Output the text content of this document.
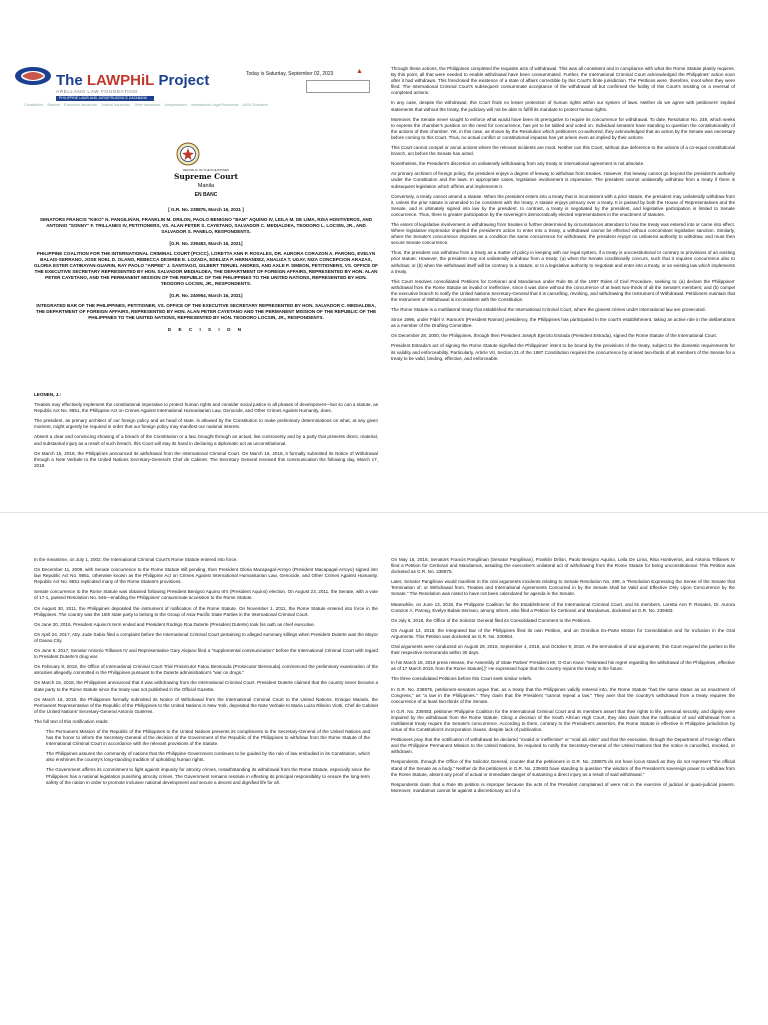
The LAWPHiL Project
ARELLANO LAW FOUNDATION
PHILIPPINE LAWS AND JURISPRUDENCE DATABANK
Today is Saturday, September 02, 2023	▲
Constitution Statutes Executive Issuances Judicial Issuances Other Issuances Jurisprudence International Legal Resources AUSL Exclusive
REPUBLIC OF THE PHILIPPINES
Supreme Court
Manila
EN BANC
[ G.R. No. 238875, March 16, 2021 ]
SENATORS FRANCIS "KIKO" N. PANGILINAN, FRANKLIN M. DRILON, PAOLO BENIGNO "BAM" AQUINO IV, LEILA M. DE LIMA, RISA HONTIVEROS, AND ANTONIO "SONNY" F. TRILLANES IV, PETITIONERS, VS. ALAN PETER S. CAYETANO, SALVADOR C. MEDIALDEA, TEODORO L. LOCSIN, JR., AND SALVADOR S. PANELO, RESPONDENTS.
[G.R. No. 239483, March 16, 2021]
PHILIPPINE COALITION FOR THE INTERNATIONAL CRIMINAL COURT (PCICC), LORETTA ANN P. ROSALES, DR. AURORA CORAZON A. PARONG, EVELYN BALAIS-SERRANO, JOSE NOEL D. OLANO, REBECCA DESIREE E. LOZADA, EDELIZA P. HERNANDEZ, ANALIZA T. UGAY, NIZA CONCEPCION ARAZAS, GLORIA ESTER CATIBAYAN-GUARIN, RAY PAOLO "ARPEE" J. SANTIAGO, GILBERT TERUEL ANDRES, AND AXLE P. SIMEON, PETITIONERS, VS. OFFICE OF THE EXECUTIVE SECRETARY REPRESENTED BY HON. SALVADOR MEDIALDEA, THE DEPARTMENT OF FOREIGN AFFAIRS, REPRESENTED BY HON. ALAN PETER CAYETANO, AND THE PERMANENT MISSION OF THE REPUBLIC OF THE PHILIPPINES TO THE UNITED NATIONS, REPRESENTED BY HON. TEODORO LOCSIN, JR., RESPONDENTS.
[G.R. No. 240954, March 16, 2021]
INTEGRATED BAR OF THE PHILIPPINES, PETITIONER, VS. OFFICE OF THE EXECUTIVE SECRETARY REPRESENTED BY HON. SALVADOR C. MEDIALDEA, THE DEPARTMENT OF FOREIGN AFFAIRS, REPRESENTED BY HON. ALAN PETER CAYETANO AND THE PERMANENT MISSION OF THE REPUBLIC OF THE PHILIPPINES TO THE UNITED NATIONS, REPRESENTED BY HON. TEODORO LOCSIN, JR., RESPONDENTS.
D E C I S I O N

LEONEN, J.:

Treaties may effectively implement the constitutional imperative to protect human rights and consider social justice in all phases of development—but so can a statute, as Republic Act No. 9851, the Philippine Act on Crimes Against International Humanitarian Law, Genocide, and Other Crimes Against Humanity, does.

The president, as primary architect of our foreign policy and as head of state, is allowed by the Constitution to make preliminary determinations on what, at any given moment, might urgently be required in order that our foreign policy may manifest our national interest.

Absent a clear and convincing showing of a breach of the Constitution or a law, brought through an actual, live controversy and by a party that presents direct, material, and substantial injury as a result of such breach, this Court will stay its hand in declaring a diplomatic act as unconstitutional.

On March 15, 2018, the Philippines announced its withdrawal from the International Criminal Court. On March 16, 2018, it formally submitted its Notice of Withdrawal through a Note Verbale to the United Nations Secretary-General's Chef de Cabinet. The Secretary General received this communication the following day, March 17, 2018.

Through these actions, the Philippines completed the requisite acts of withdrawal. This was all consistent and in compliance with what the Rome Statute plainly requires. By this point, all that were needed to enable withdrawal have been consummated. Further, the International Criminal Court acknowledged the Philippines' action soon after it had withdrawn. This foreclosed the existence of a state of affairs correctible by this Court's finite jurisdiction. The Petitions were, therefore, moot when they were filed. The International Criminal Court's subsequent consummate acceptance of the withdrawal all but confirmed the futility of this Court's insisting on a reversal of completed actions.

In any case, despite the withdrawal, this Court finds no lesser protection of human rights within our system of laws. Neither do we agree with petitioners' implied statements that without the treaty, the judiciary will not be able to fulfill its mandate to protect human rights.

Moreover, the Senate never sought to enforce what would have been its prerogative to require its concurrence for withdrawal. To date, Resolution No. 249, which seeks to express the chamber's position on the need for concurrence, has yet to be tabled and voted on. Individual senators have standing to question the constitutionality of the actions of their chamber. Yet, in this case, as shown by the Resolution which petitioners co-authored, they acknowledged that an action by the Senate was necessary before coming to this Court. Thus, no actual conflict or constitutional impasse has yet arisen even as implied by their actions.

This Court cannot compel or annul actions where the relevant incidents are moot. Neither can this Court, without due deference to the actions of a co-equal constitutional branch, act before the Senate has acted.

Nonetheless, the President's discretion on unilaterally withdrawing from any treaty or international agreement is not absolute.

As primary architect of foreign policy, the president enjoys a degree of leeway to withdraw from treaties. However, this leeway cannot go beyond the president's authority under the Constitution and the laws. In appropriate cases, legislative involvement is imperative. The president cannot unilaterally withdraw from a treaty if there is subsequent legislation which affirms and implements it.

Conversely, a treaty cannot amend a statute. When the president enters into a treaty that is inconsistent with a prior statute, the president may unilaterally withdraw from it, unless the prior statute is amended to be consistent with the treaty. A statute enjoys primacy over a treaty. It is passed by both the House of Representatives and the Senate, and is ultimately signed into law by the president. In contrast, a treaty is negotiated by the president, and legislative participation is limited to Senate concurrence. Thus, there is greater participation by the sovereign's democratically elected representatives in the enactment of statutes.

The extent of legislative involvement in withdrawing from treaties is further determined by circumstances attendant to how the treaty was entered into or came into effect. Where legislative imprimatur impelled the president's action to enter into a treaty, a withdrawal cannot be effected without concomitant legislative sanction. Similarly, where the Senate's concurrence imposes as a condition the same concurrence for withdrawal, the president enjoys no unilateral authority to withdraw, and must then secure Senate concurrence.

Thus, the president can withdraw from a treaty as a matter of policy in keeping with our legal system, if a treaty is unconstitutional or contrary to provisions of an existing prior statute. However, the president may not unilaterally withdraw from a treaty: (a) when the Senate conditionally concurs, such that it requires concurrence also to withdraw; or (b) when the withdrawal itself will be contrary to a statute, or to a legislative authority to negotiate and enter into a treaty, or an existing law which implements a treaty.

This Court resolves consolidated Petitions for Certiorari and Mandamus under Rule 65 of the 1997 Rules of Civil Procedure, seeking to: (a) declare the Philippines' withdrawal from the Rome Statute as invalid or ineffective, since it was done without the concurrence of at least two-thirds of all the Senate's members; and (b) compel the executive branch to notify the United Nations Secretary-General that it is cancelling, revoking, and withdrawing the Instrument of Withdrawal. Petitioners maintain that the Instrument of Withdrawal is inconsistent with the Constitution.

The Rome Statute is a multilateral treaty that established the International Criminal Court, where the gravest crimes under international law are prosecuted.

Since 1996, under Fidel V. Ramos's (President Ramos) presidency, the Philippines has participated in the court's establishment, taking an active role in the deliberations as a member of the Drafting Committee.

On December 28, 2000, the Philippines, through then President Joseph Ejercito Estrada (President Estrada), signed the Rome Statute of the International Court.

President Estrada's act of signing the Rome Statute signified the Philippines' intent to be bound by the provisions of the treaty, subject to the domestic requirements for its validity and enforceability. Particularly, Article VII, Section 21 of the 1987 Constitution requires the concurrence by at least two-thirds of all members of the Senate for a treaty to be valid, binding, effective, and enforceable.

In the meantime, on July 1, 2002, the International Criminal Court's Rome Statute entered into force.

On December 11, 2009, with Senate concurrence to the Rome Statute still pending, then President Gloria Macapagal-Arroyo (President Macapagal-Arroyo) signed into law Republic Act No. 9851, otherwise known as the Philippine Act on Crimes Against International Humanitarian Law, Genocide, and Other Crimes Against Humanity. Republic Act No. 9851 replicated many of the Rome Statute's provisions.

Senate concurrence to the Rome Statute was obtained following President Benigno Aquino III's (President Aquino) election. On August 23, 2011, the Senate, with a vote of 17-1, passed Resolution No. 546—enabling the Philippines' consummate accession to the Rome Statute.

On August 30, 2011, the Philippines deposited the instrument of ratification of the Rome Statute. On November 1, 2011, the Rome Statute entered into force in the Philippines. The country was the 16th state party to belong to the Group of Asia-Pacific State Parties in the International Criminal Court.

On June 30, 2016, President Aquino's term ended and President Rodrigo Roa Duterte (President Duterte) took his oath as chief executive.

On April 24, 2017, Atty. Jude Sabio filed a complaint before the International Criminal Court pertaining to alleged summary killings when President Duterte was the Mayor of Davao City.

On June 6, 2017, Senator Antonio Trillanes IV and Representative Gary Alejano filed a "supplemental communication" before the International Criminal Court with regard to President Duterte's drug war.

On February 8, 2018, the Office of International Criminal Court Trial Prosecutor Fatou Bensouda (Prosecutor Bensouda) commenced the preliminary examination of the atrocities allegedly committed in the Philippines pursuant to the Duterte administration's "war on drugs."

On March 15, 2018, the Philippines announced that it was withdrawing from the International Criminal Court. President Duterte claimed that the country never became a state party to the Rome Statute since the treaty was not published in the Official Gazette.

On March 16, 2018, the Philippines formally submitted its Notice of Withdrawal from the International Criminal Court to the United Nations. Enrique Manalo, the Permanent Representative of the Republic of the Philippines to the United Nations in New York, deposited the Note Verbale to Maria Luiza Ribeiro Viotti, Chef de Cabinet of the United Nations' Secretary-General Antonio Guterres.

The full text of this notification reads:

The Permanent Mission of the Republic of the Philippines to the United Nations presents its compliments to the Secretary-General of the United Nations and has the honor to inform the Secretary-General of the decision of the Government of the Republic of the Philippines to withdraw from the Rome Statute of the International Criminal Court in accordance with the relevant provisions of the Statute.

The Philippines assures the community of nations that the Philippine Government continues to be guided by the rule of law embodied in its Constitution, which also enshrines the country's long-standing tradition of upholding human rights.

The Government affirms its commitment to fight against impunity for atrocity crimes, notwithstanding its withdrawal from the Rome Statute, especially since the Philippines has a national legislation punishing atrocity crimes. The Government remains resolute in effecting its principal responsibility to ensure the long-term safety of the nation in order to promote inclusive national development and secure a decent and dignified life for all.

On May 16, 2018, Senators Francis Pangilinan (Senator Pangilinan), Franklin Drilon, Paolo Benigno Aquino, Leila De Lima, Risa Hontiveros, and Antonio Trillanes IV filed a Petition for Certiorari and Mandamus, assailing the executive's unilateral act of withdrawing from the Rome Statute for being unconstitutional. This Petition was docketed as G.R. No. 238875.

Later, Senator Pangilinan would manifest in the oral arguments incidents relating to Senate Resolution No. 289, a "Resolution Expressing the Sense of the Senate that Termination of, or Withdrawal from, Treaties and International Agreements Concurred in by the Senate shall be Valid and Effective Only Upon Concurrence by the Senate." The Resolution was noted to have not been calendared for agenda in the Senate.

Meanwhile, on June 13, 2018, the Philippine Coalition for the Establishment of the International Criminal Court, and its members, Loretta Ann P. Rosales, Dr. Aurora Corazon A. Parong, Evelyn Balais-Serrano, among others, also filed a Petition for Certiorari and Mandamus, docketed as G.R. No. 239483.

On July 6, 2018, the Office of the Solicitor General filed its Consolidated Comment to the Petitions.

On August 14, 2018, the Integrated Bar of the Philippines filed its own Petition, and an Omnibus Ex-Parte Motion for Consolidation and for Inclusion in the Oral Arguments. This Petition was docketed as G.R. No. 240954.

Oral arguments were conducted on August 28, 2018, September 4, 2018, and October 9, 2018. At the termination of oral arguments, this Court required the parties to file their respective memoranda within 30 days.

In his March 18, 2019 press release, the Assembly of State Parties' President Mr. O-Gon Kwon "reiterated his regret regarding the withdrawal of the Philippines, effective as of 17 March 2019, from the Rome Statute[.]" He expressed hope that the country rejoins the treaty in the future.

The three consolidated Petitions before this Court seek similar reliefs.

In G.R. No. 238875, petitioners-senators argue that, as a treaty that the Philippines validly entered into, the Rome Statute "has the same status as an enactment of Congress," as "a law in the Philippines." They claim that the President "cannot repeal a law." They aver that the country's withdrawal from a treaty requires the concurrence of at least two-thirds of the Senate.

In G.R. No. 239483, petitioner Philippine Coalition for the International Criminal Court and its members assert that their rights to life, personal security, and dignity were impaired by the withdrawal from the Rome Statute. Citing a decision of the South African High Court, they also claim that the ratification of and withdrawal from a multilateral treaty require the Senate's concurrence. According to them, contrary to the President's assertion, the Rome Statute is effective in Philippine jurisdiction by virtue of the Constitution's incorporation clause, despite lack of publication.

Petitioners pray that the notification of withdrawal be declared "invalid or ineffective" or "void ab initio" and that the executive, through the Department of Foreign Affairs and the Philippine Permanent Mission to the United Nations, be required to notify the Secretary-General of the United Nations that the notice is cancelled, revoked, or withdrawn.

Respondents, through the Office of the Solicitor General, counter that the petitioners in G.R. No. 238875 do not have locus standi as they do not represent "the official stand of the Senate as a body." Neither do the petitioners in G.R. No. 239483 have standing to question "the wisdom of the President's sovereign power to withdraw from the Rome Statute, absent any proof of actual or immediate danger of sustaining a direct injury as a result of said withdrawal."

Respondents claim that a Rule 65 petition is improper because the acts of the President complained of were not in the exercise of judicial or quasi-judicial powers. Moreover, mandamus cannot lie against a discretionary act of a
